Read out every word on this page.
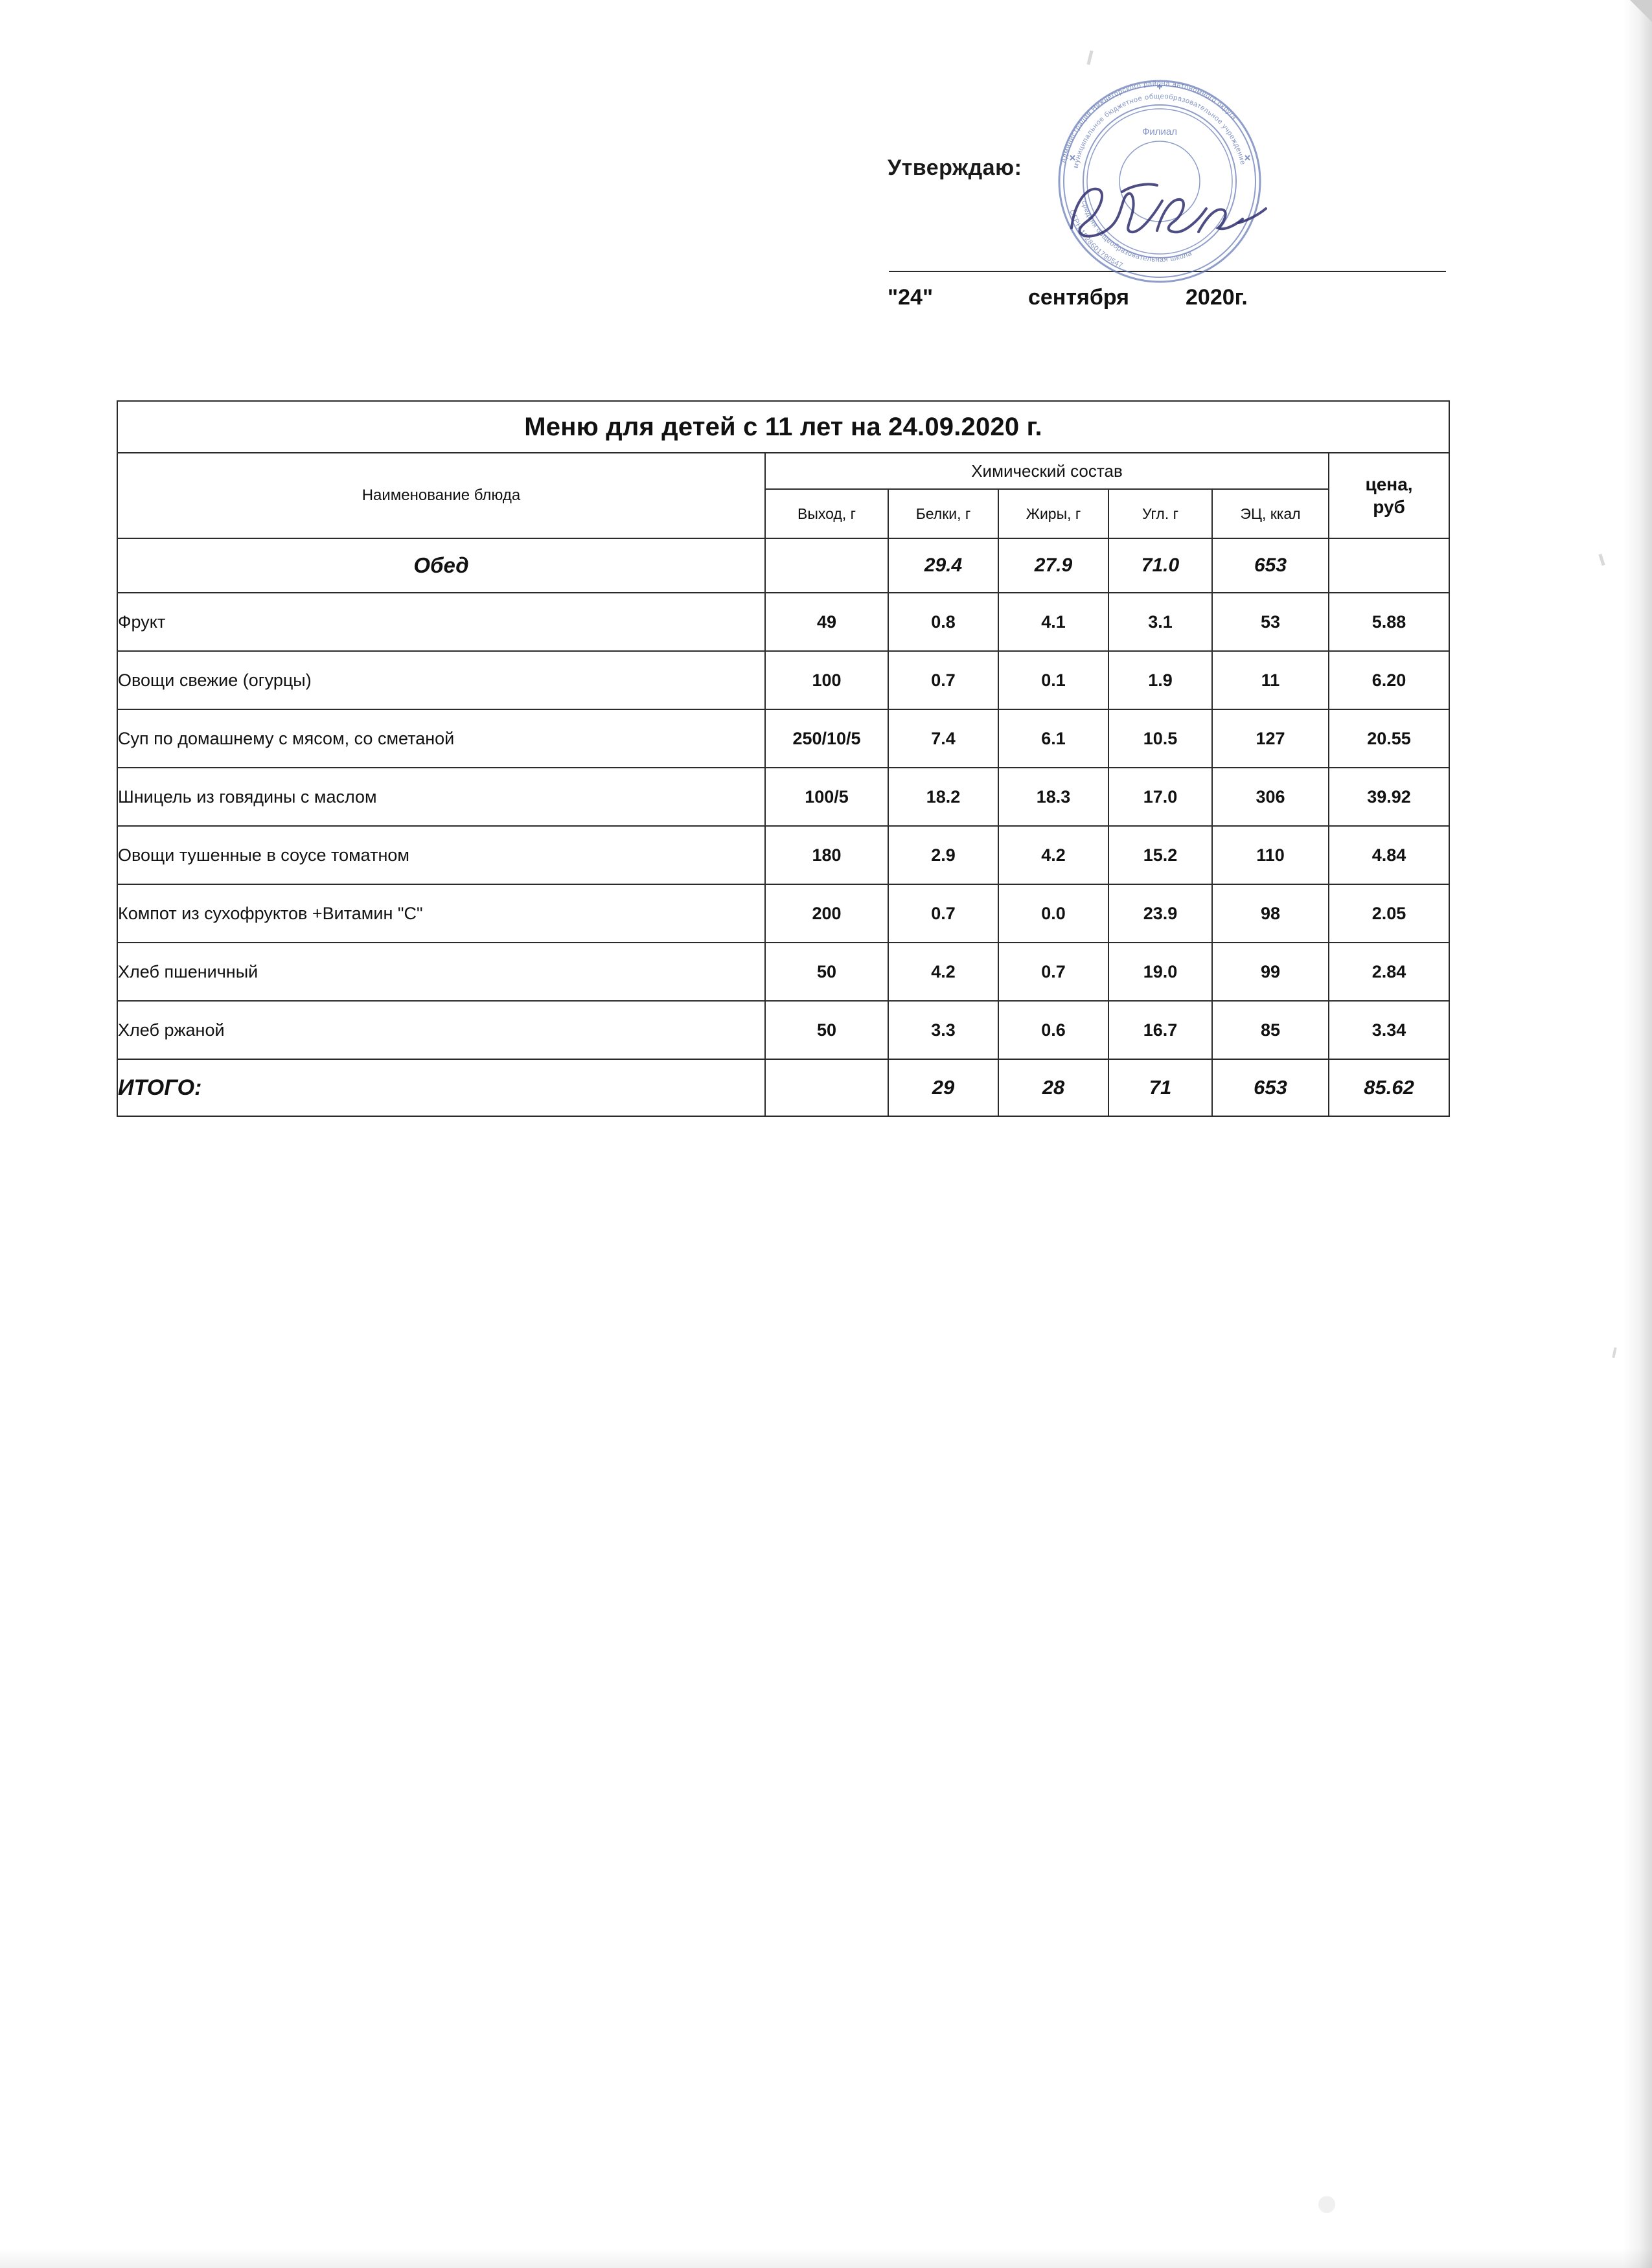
Утверждаю:
"24"	сентября	2020г.
Администрация Нижнегорского района автономного округа
муниципальное бюджетное общеобразовательное учреждение
ОГРН 1028601790547
средняя общеобразовательная школа
Филиал
Меню для детей с 11 лет на 24.09.2020 г.						
Наименование блюда	Химический состав					цена,
руб

	Выход, г	Белки, г	Жиры, г	Угл. г	ЭЦ, ккал	
Обед		29.4	27.9	71.0	653	
Фрукт	49	0.8	4.1	3.1	53	5.88
Овощи свежие (огурцы)	100	0.7	0.1	1.9	11	6.20
Суп по домашнему с мясом, со сметаной	250/10/5	7.4	6.1	10.5	127	20.55
Шницель из говядины с маслом	100/5	18.2	18.3	17.0	306	39.92
Овощи тушенные в соусе томатном	180	2.9	4.2	15.2	110	4.84
Компот из сухофруктов +Витамин "С"	200	0.7	0.0	23.9	98	2.05
Хлеб пшеничный	50	4.2	0.7	19.0	99	2.84
Хлеб ржаной	50	3.3	0.6	16.7	85	3.34
ИТОГО:		29	28	71	653	85.62
